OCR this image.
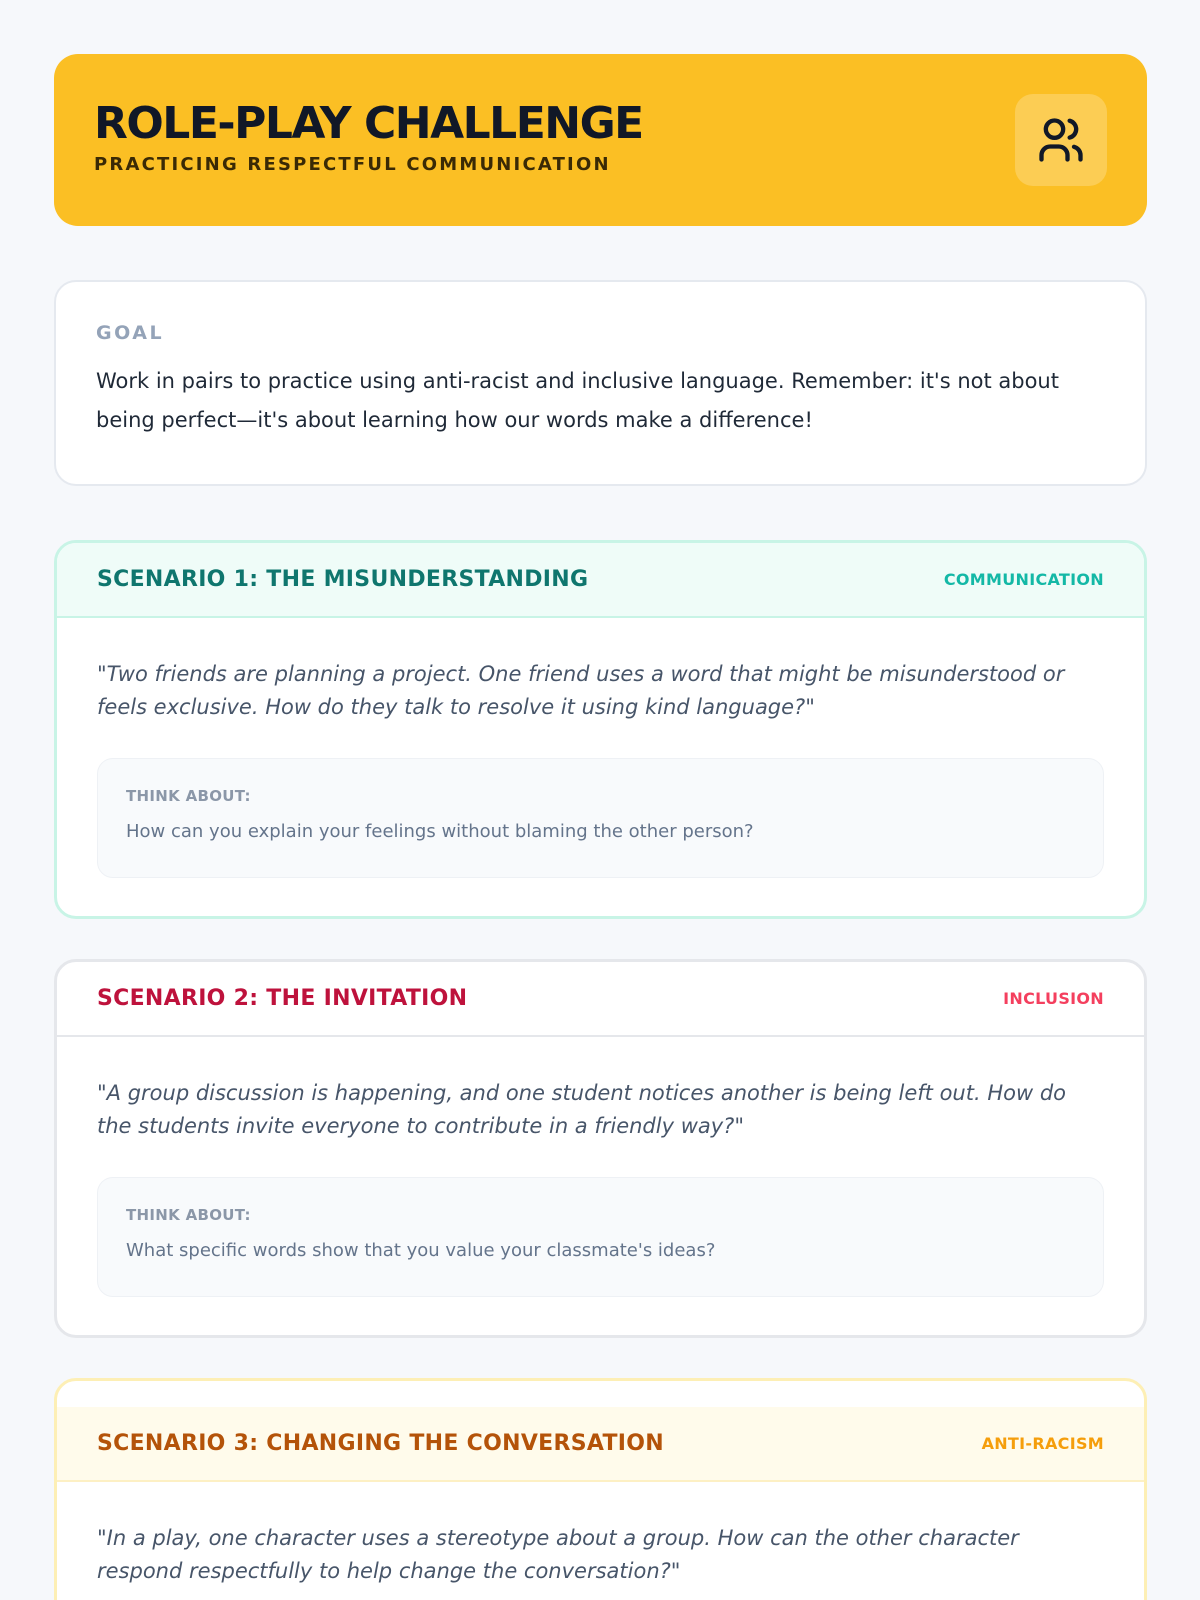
ROLE-PLAY CHALLENGE
PRACTICING RESPECTFUL COMMUNICATION
GOAL
Work in pairs to practice using anti-racist and inclusive language. Remember: it's not about being perfect—it's about learning how our words make a difference!
SCENARIO 1: THE MISUNDERSTANDING	COMMUNICATION
"Two friends are planning a project. One friend uses a word that might be misunderstood or feels exclusive. How do they talk to resolve it using kind language?"
THINK ABOUT:
How can you explain your feelings without blaming the other person?
SCENARIO 2: THE INVITATION	INCLUSION
"A group discussion is happening, and one student notices another is being left out. How do the students invite everyone to contribute in a friendly way?"
THINK ABOUT:
What specific words show that you value your classmate's ideas?
SCENARIO 3: CHANGING THE CONVERSATION	ANTI-RACISM
"In a play, one character uses a stereotype about a group. How can the other character respond respectfully to help change the conversation?"
